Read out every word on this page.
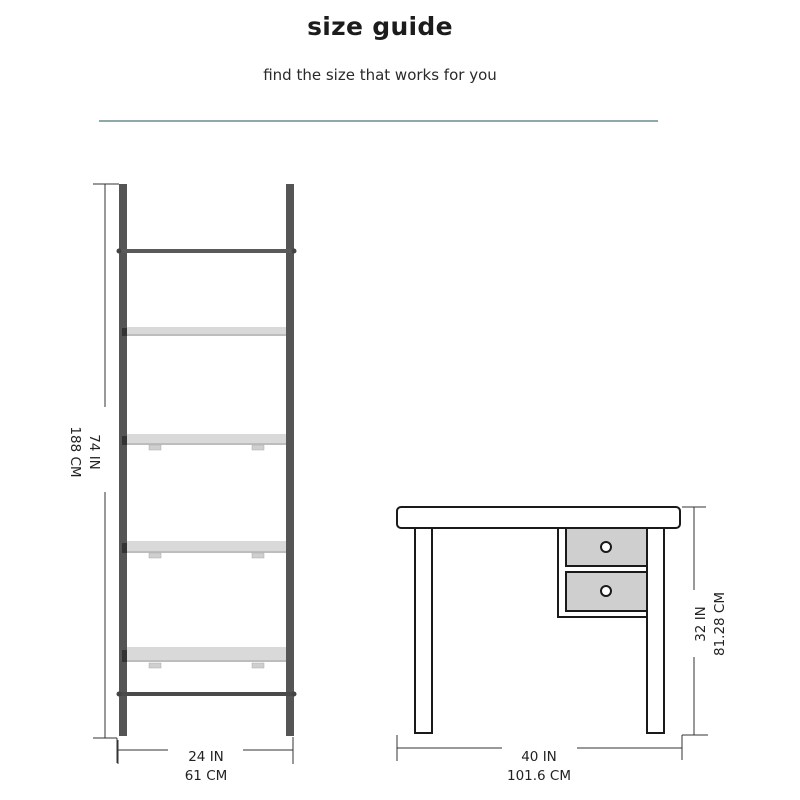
size guide
find the size that works for you
74 IN
188 CM
24 IN
61 CM
32 IN 81.28 CM
40 IN
101.6 CM
